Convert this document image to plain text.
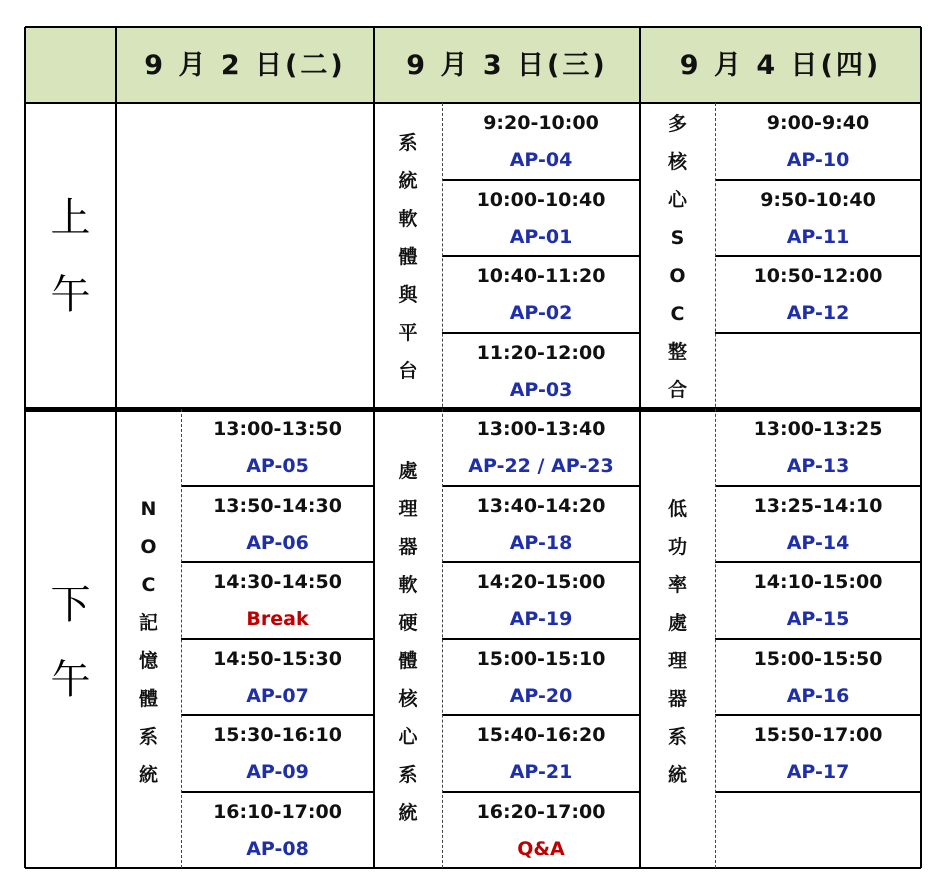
9 月 2 日(二)	9 月 3 日(三)	9 月 4 日(四)
上
午
下
午
系
統
軟
體
與
平
台
多
核
心
S
O
C
整
合
N
O
C
記
憶
體
系
統
處
理
器
軟
硬
體
核
心
系
統
低
功
率
處
理
器
系
統
9:20-10:00
AP-04
10:00-10:40
AP-01
10:40-11:20
AP-02
11:20-12:00
AP-03
9:00-9:40
AP-10
9:50-10:40
AP-11
10:50-12:00
AP-12
13:00-13:50
AP-05
13:50-14:30
AP-06
14:30-14:50
Break
14:50-15:30
AP-07
15:30-16:10
AP-09
16:10-17:00
AP-08
13:00-13:40
AP-22 / AP-23
13:40-14:20
AP-18
14:20-15:00
AP-19
15:00-15:10
AP-20
15:40-16:20
AP-21
16:20-17:00
Q&A
13:00-13:25
AP-13
13:25-14:10
AP-14
14:10-15:00
AP-15
15:00-15:50
AP-16
15:50-17:00
AP-17
